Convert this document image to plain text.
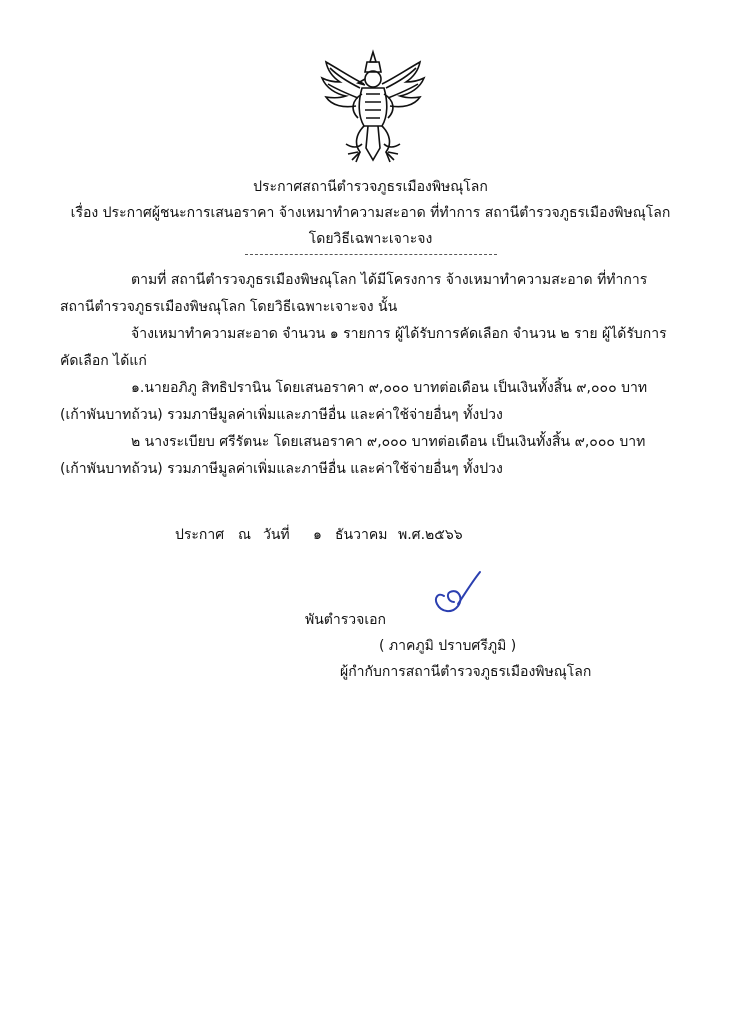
ประกาศสถานีตำรวจภูธรเมืองพิษณุโลก
เรื่อง ประกาศผู้ชนะการเสนอราคา จ้างเหมาทำความสะอาด ที่ทำการ สถานีตำรวจภูธรเมืองพิษณุโลก
โดยวิธีเฉพาะเจาะจง
ตามที่ สถานีตำรวจภูธรเมืองพิษณุโลก ได้มีโครงการ จ้างเหมาทำความสะอาด ที่ทำการ
สถานีตำรวจภูธรเมืองพิษณุโลก โดยวิธีเฉพาะเจาะจง นั้น
จ้างเหมาทำความสะอาด จำนวน ๑ รายการ ผู้ได้รับการคัดเลือก จำนวน ๒ ราย ผู้ได้รับการ
คัดเลือก ได้แก่
๑.นายอภิภู สิทธิปรานิน โดยเสนอราคา ๙,๐๐๐ บาทต่อเดือน เป็นเงินทั้งสิ้น ๙,๐๐๐ บาท
(เก้าพันบาทถ้วน) รวมภาษีมูลค่าเพิ่มและภาษีอื่น และค่าใช้จ่ายอื่นๆ ทั้งปวง
๒ นางระเบียบ ศรีรัตนะ โดยเสนอราคา ๙,๐๐๐ บาทต่อเดือน เป็นเงินทั้งสิ้น ๙,๐๐๐ บาท
(เก้าพันบาทถ้วน) รวมภาษีมูลค่าเพิ่มและภาษีอื่น และค่าใช้จ่ายอื่นๆ ทั้งปวง
ประกาศ ณ วันที่ ๑ ธันวาคม พ.ศ.๒๕๖๖
พันตำรวจเอก
( ภาคภูมิ ปราบศรีภูมิ )
ผู้กำกับการสถานีตำรวจภูธรเมืองพิษณุโลก
